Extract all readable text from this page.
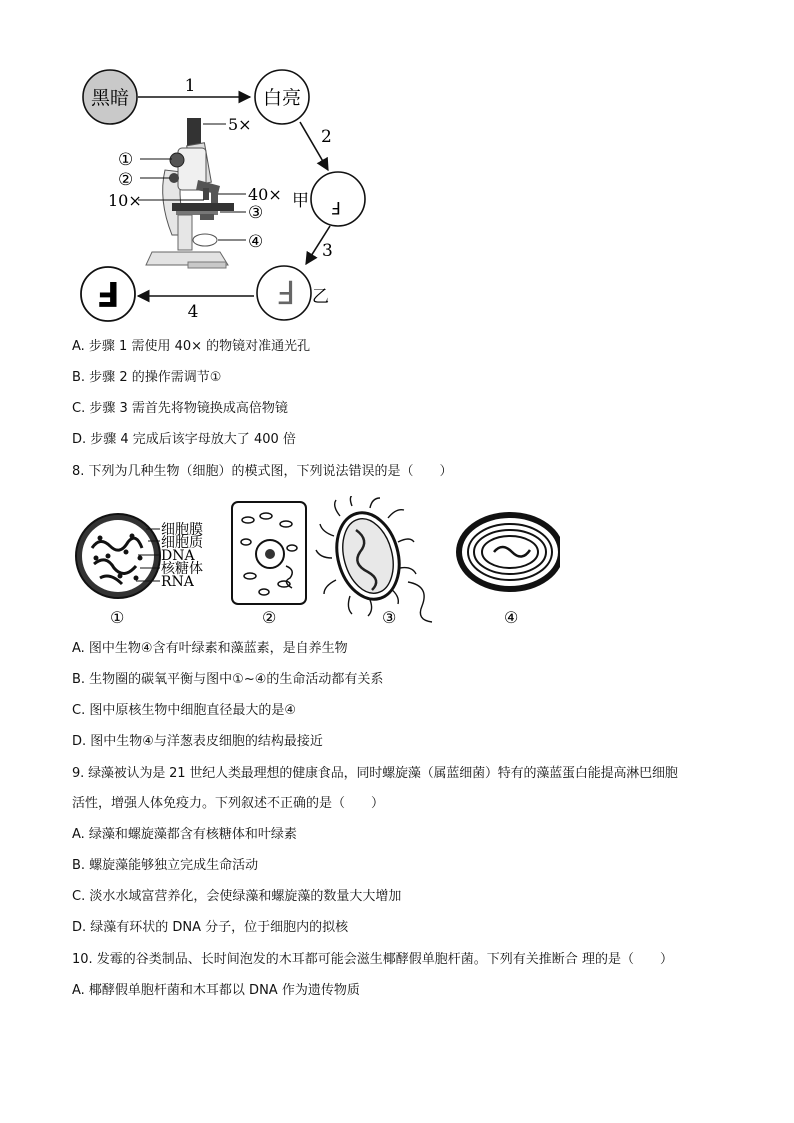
黑暗
1
白亮
2
F
甲
3
F 乙
4
F
5×
①
②
40×
10×
③
④
A. 步骤 1 需使用 40× 的物镜对准通光孔
B. 步骤 2 的操作需调节①
C. 步骤 3 需首先将物镜换成高倍物镜
D. 步骤 4 完成后该字母放大了 400 倍
8. 下列为几种生物（细胞）的模式图，下列说法错误的是（　　）
细胞膜
细胞质
DNA
核糖体
RNA
①	②	③	④
A. 图中生物④含有叶绿素和藻蓝素，是自养生物
B. 生物圈的碳氧平衡与图中①~④的生命活动都有关系
C. 图中原核生物中细胞直径最大的是④
D. 图中生物④与洋葱表皮细胞的结构最接近
9. 绿藻被认为是 21 世纪人类最理想的健康食品，同时螺旋藻（属蓝细菌）特有的藻蓝蛋白能提高淋巴细胞
活性，增强人体免疫力。下列叙述不正确的是（　　）
A. 绿藻和螺旋藻都含有核糖体和叶绿素
B. 螺旋藻能够独立完成生命活动
C. 淡水水域富营养化，会使绿藻和螺旋藻的数量大大增加
D. 绿藻有环状的 DNA 分子，位于细胞内的拟核
10. 发霉的谷类制品、长时间泡发的木耳都可能会滋生椰酵假单胞杆菌。下列有关推断合 理的是（　　）
A. 椰酵假单胞杆菌和木耳都以 DNA 作为遗传物质
